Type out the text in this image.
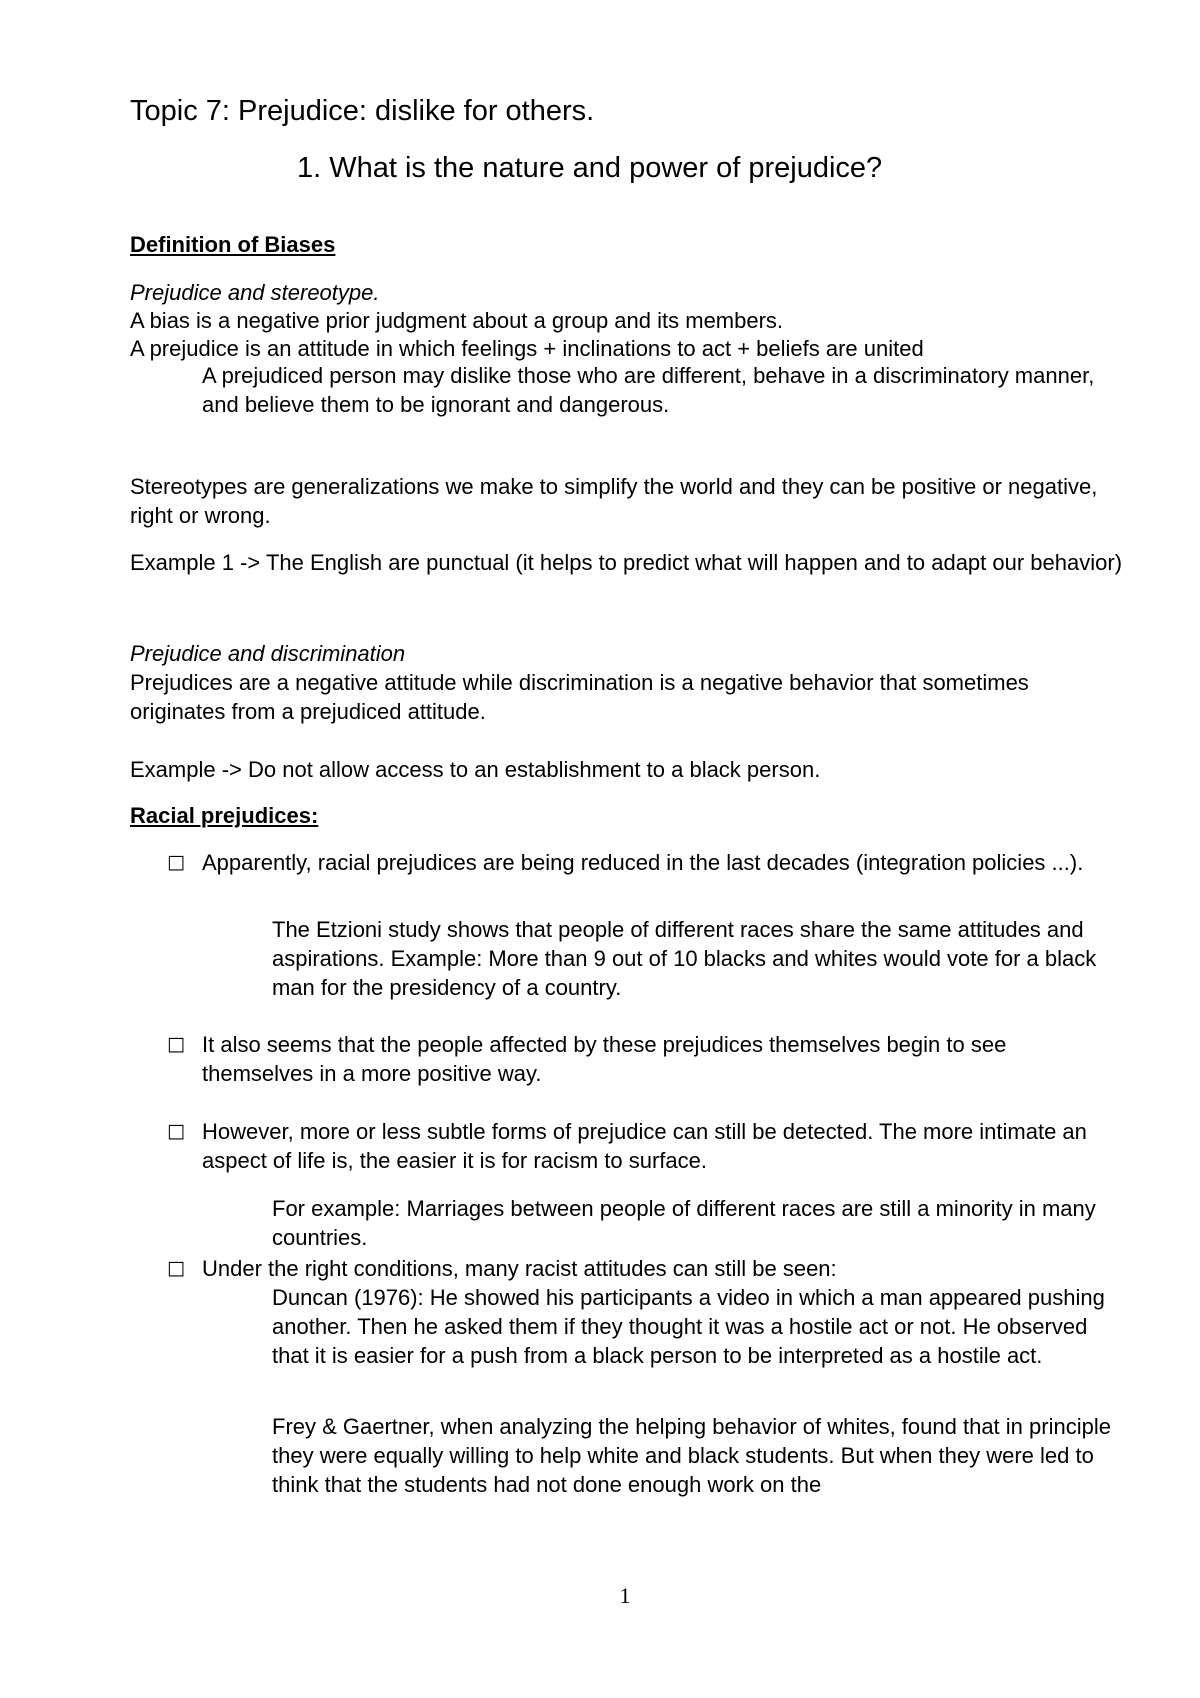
Topic 7: Prejudice: dislike for others.

1. What is the nature and power of prejudice?

Definition of Biases

Prejudice and stereotype.

A bias is a negative prior judgment about a group and its members.

A prejudice is an attitude in which feelings + inclinations to act + beliefs are united

A prejudiced person may dislike those who are different, behave in a discriminatory manner, and believe them to be ignorant and dangerous.

Stereotypes are generalizations we make to simplify the world and they can be positive or negative, right or wrong.

Example 1 -> The English are punctual (it helps to predict what will happen and to adapt our behavior)

Prejudice and discrimination

Prejudices are a negative attitude while discrimination is a negative behavior that sometimes originates from a prejudiced attitude.

Example -> Do not allow access to an establishment to a black person.

Racial prejudices:

□ Apparently, racial prejudices are being reduced in the last decades (integration policies ...).

The Etzioni study shows that people of different races share the same attitudes and aspirations. Example: More than 9 out of 10 blacks and whites would vote for a black man for the presidency of a country.

□ It also seems that the people affected by these prejudices themselves begin to see themselves in a more positive way.

□ However, more or less subtle forms of prejudice can still be detected. The more intimate an aspect of life is, the easier it is for racism to surface.

For example: Marriages between people of different races are still a minority in many countries.

□ Under the right conditions, many racist attitudes can still be seen:

Duncan (1976): He showed his participants a video in which a man appeared pushing another. Then he asked them if they thought it was a hostile act or not. He observed that it is easier for a push from a black person to be interpreted as a hostile act.

Frey & Gaertner, when analyzing the helping behavior of whites, found that in principle they were equally willing to help white and black students. But when they were led to think that the students had not done enough work on the

1
